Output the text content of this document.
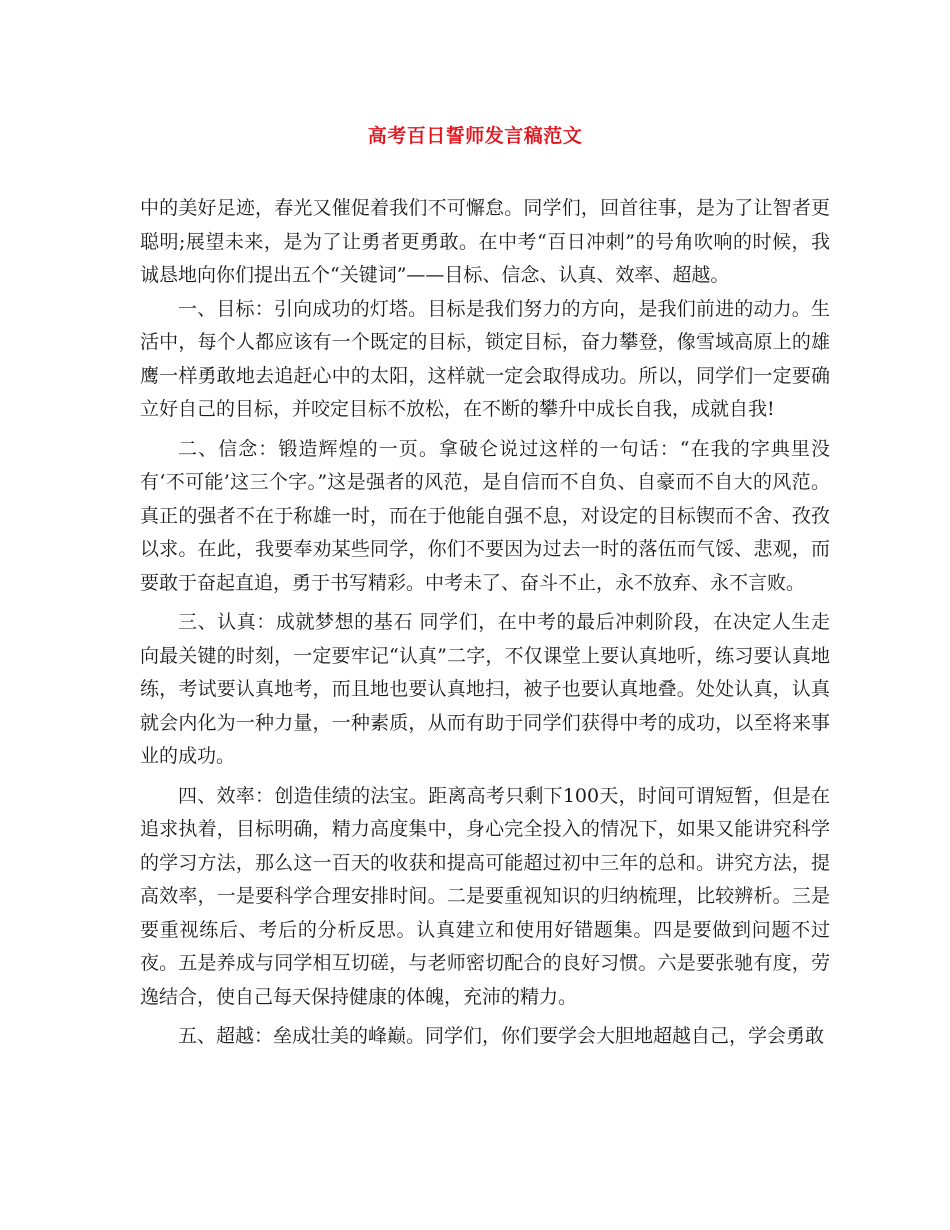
高考百日誓师发言稿范文

中的美好足迹，春光又催促着我们不可懈怠。同学们，回首往事，是为了让智者更聪明;展望未来，是为了让勇者更勇敢。在中考“百日冲刺”的号角吹响的时候，我诚恳地向你们提出五个“关键词”——目标、信念、认真、效率、超越。

一、目标：引向成功的灯塔。目标是我们努力的方向，是我们前进的动力。生活中，每个人都应该有一个既定的目标，锁定目标，奋力攀登，像雪域高原上的雄鹰一样勇敢地去追赶心中的太阳，这样就一定会取得成功。所以，同学们一定要确立好自己的目标，并咬定目标不放松，在不断的攀升中成长自我，成就自我!

二、信念：锻造辉煌的一页。拿破仑说过这样的一句话：“在我的字典里没有‘不可能’这三个字。”这是强者的风范，是自信而不自负、自豪而不自大的风范。真正的强者不在于称雄一时，而在于他能自强不息，对设定的目标锲而不舍、孜孜以求。在此，我要奉劝某些同学，你们不要因为过去一时的落伍而气馁、悲观，而要敢于奋起直追，勇于书写精彩。中考未了、奋斗不止，永不放弃、永不言败。

三、认真：成就梦想的基石 同学们，在中考的最后冲刺阶段，在决定人生走向最关键的时刻，一定要牢记“认真”二字，不仅课堂上要认真地听，练习要认真地练，考试要认真地考，而且地也要认真地扫，被子也要认真地叠。处处认真，认真就会内化为一种力量，一种素质，从而有助于同学们获得中考的成功，以至将来事业的成功。

四、效率：创造佳绩的法宝。距离高考只剩下100天，时间可谓短暂，但是在追求执着，目标明确，精力高度集中，身心完全投入的情况下，如果又能讲究科学的学习方法，那么这一百天的收获和提高可能超过初中三年的总和。讲究方法，提高效率，一是要科学合理安排时间。二是要重视知识的归纳梳理，比较辨析。三是要重视练后、考后的分析反思。认真建立和使用好错题集。四是要做到问题不过夜。五是养成与同学相互切磋，与老师密切配合的良好习惯。六是要张驰有度，劳逸结合，使自己每天保持健康的体魄，充沛的精力。

五、超越：垒成壮美的峰巅。同学们，你们要学会大胆地超越自己，学会勇敢
